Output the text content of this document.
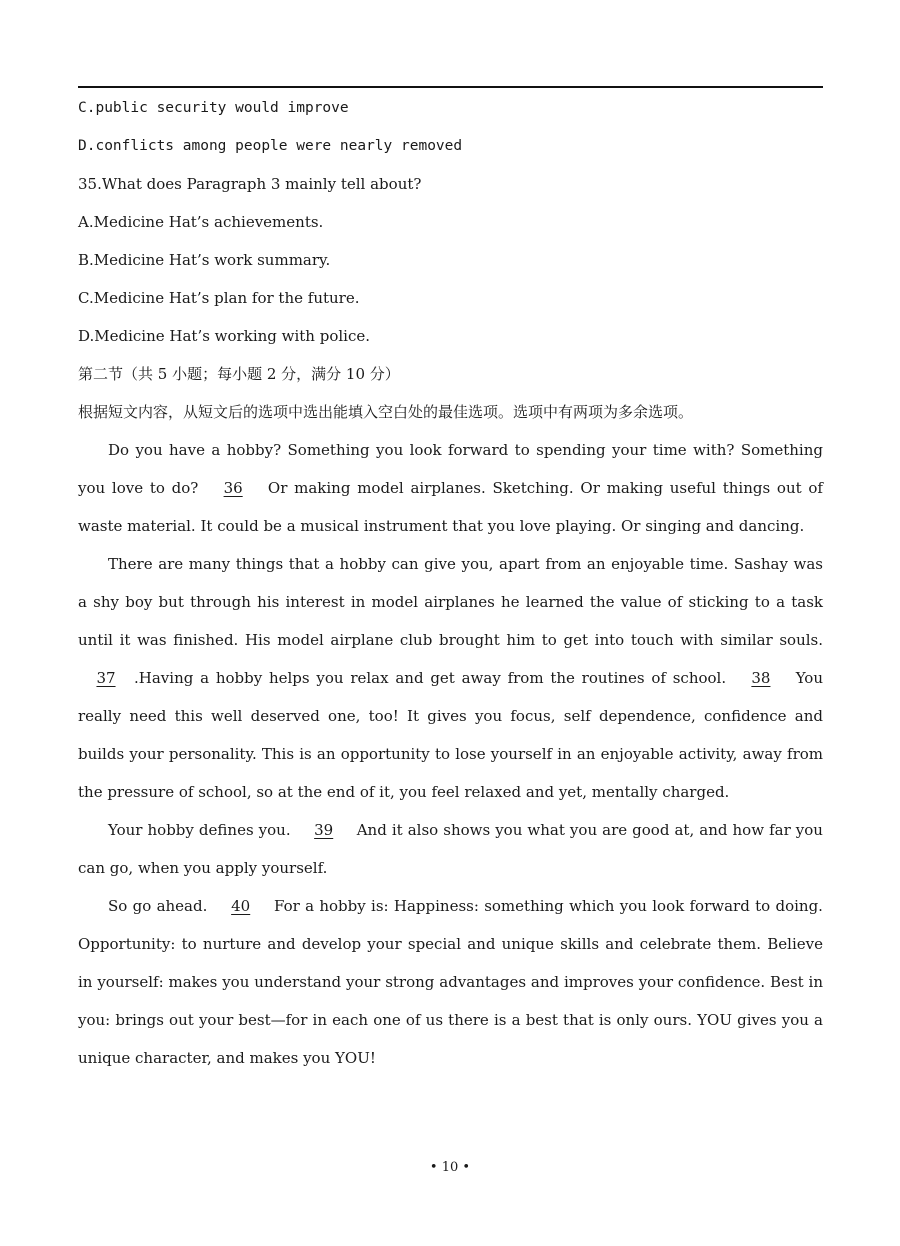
C.public security would improve
D.conflicts among people were nearly removed
35.What does Paragraph 3 mainly tell about?
A.Medicine Hat’s achievements.
B.Medicine Hat’s work summary.
C.Medicine Hat’s plan for the future.
D.Medicine Hat’s working with police.
第二节（共 5 小题；每小题 2 分，满分 10 分）
根据短文内容，从短文后的选项中选出能填入空白处的最佳选项。选项中有两项为多余选项。

Do you have a hobby? Something you look forward to spending your time with? Something you love to do? 36 Or making model airplanes. Sketching. Or making useful things out of waste material. It could be a musical instrument that you love playing. Or singing and dancing.

There are many things that a hobby can give you, apart from an enjoyable time. Sashay was a shy boy but through his interest in model airplanes he learned the value of sticking to a task until it was finished. His model airplane club brought him to get into touch with similar souls. 37 .Having a hobby helps you relax and get away from the routines of school. 38 You really need this well deserved one, too! It gives you focus, self dependence, confidence and builds your personality. This is an opportunity to lose yourself in an enjoyable activity, away from the pressure of school, so at the end of it, you feel relaxed and yet, mentally charged.

Your hobby defines you. 39 And it also shows you what you are good at, and how far you can go, when you apply yourself.

So go ahead. 40 For a hobby is: Happiness: something which you look forward to doing. Opportunity: to nurture and develop your special and unique skills and celebrate them. Believe in yourself: makes you understand your strong advantages and improves your confidence. Best in you: brings out your best—for in each one of us there is a best that is only ours. YOU gives you a unique character, and makes you YOU!

• 10 •
